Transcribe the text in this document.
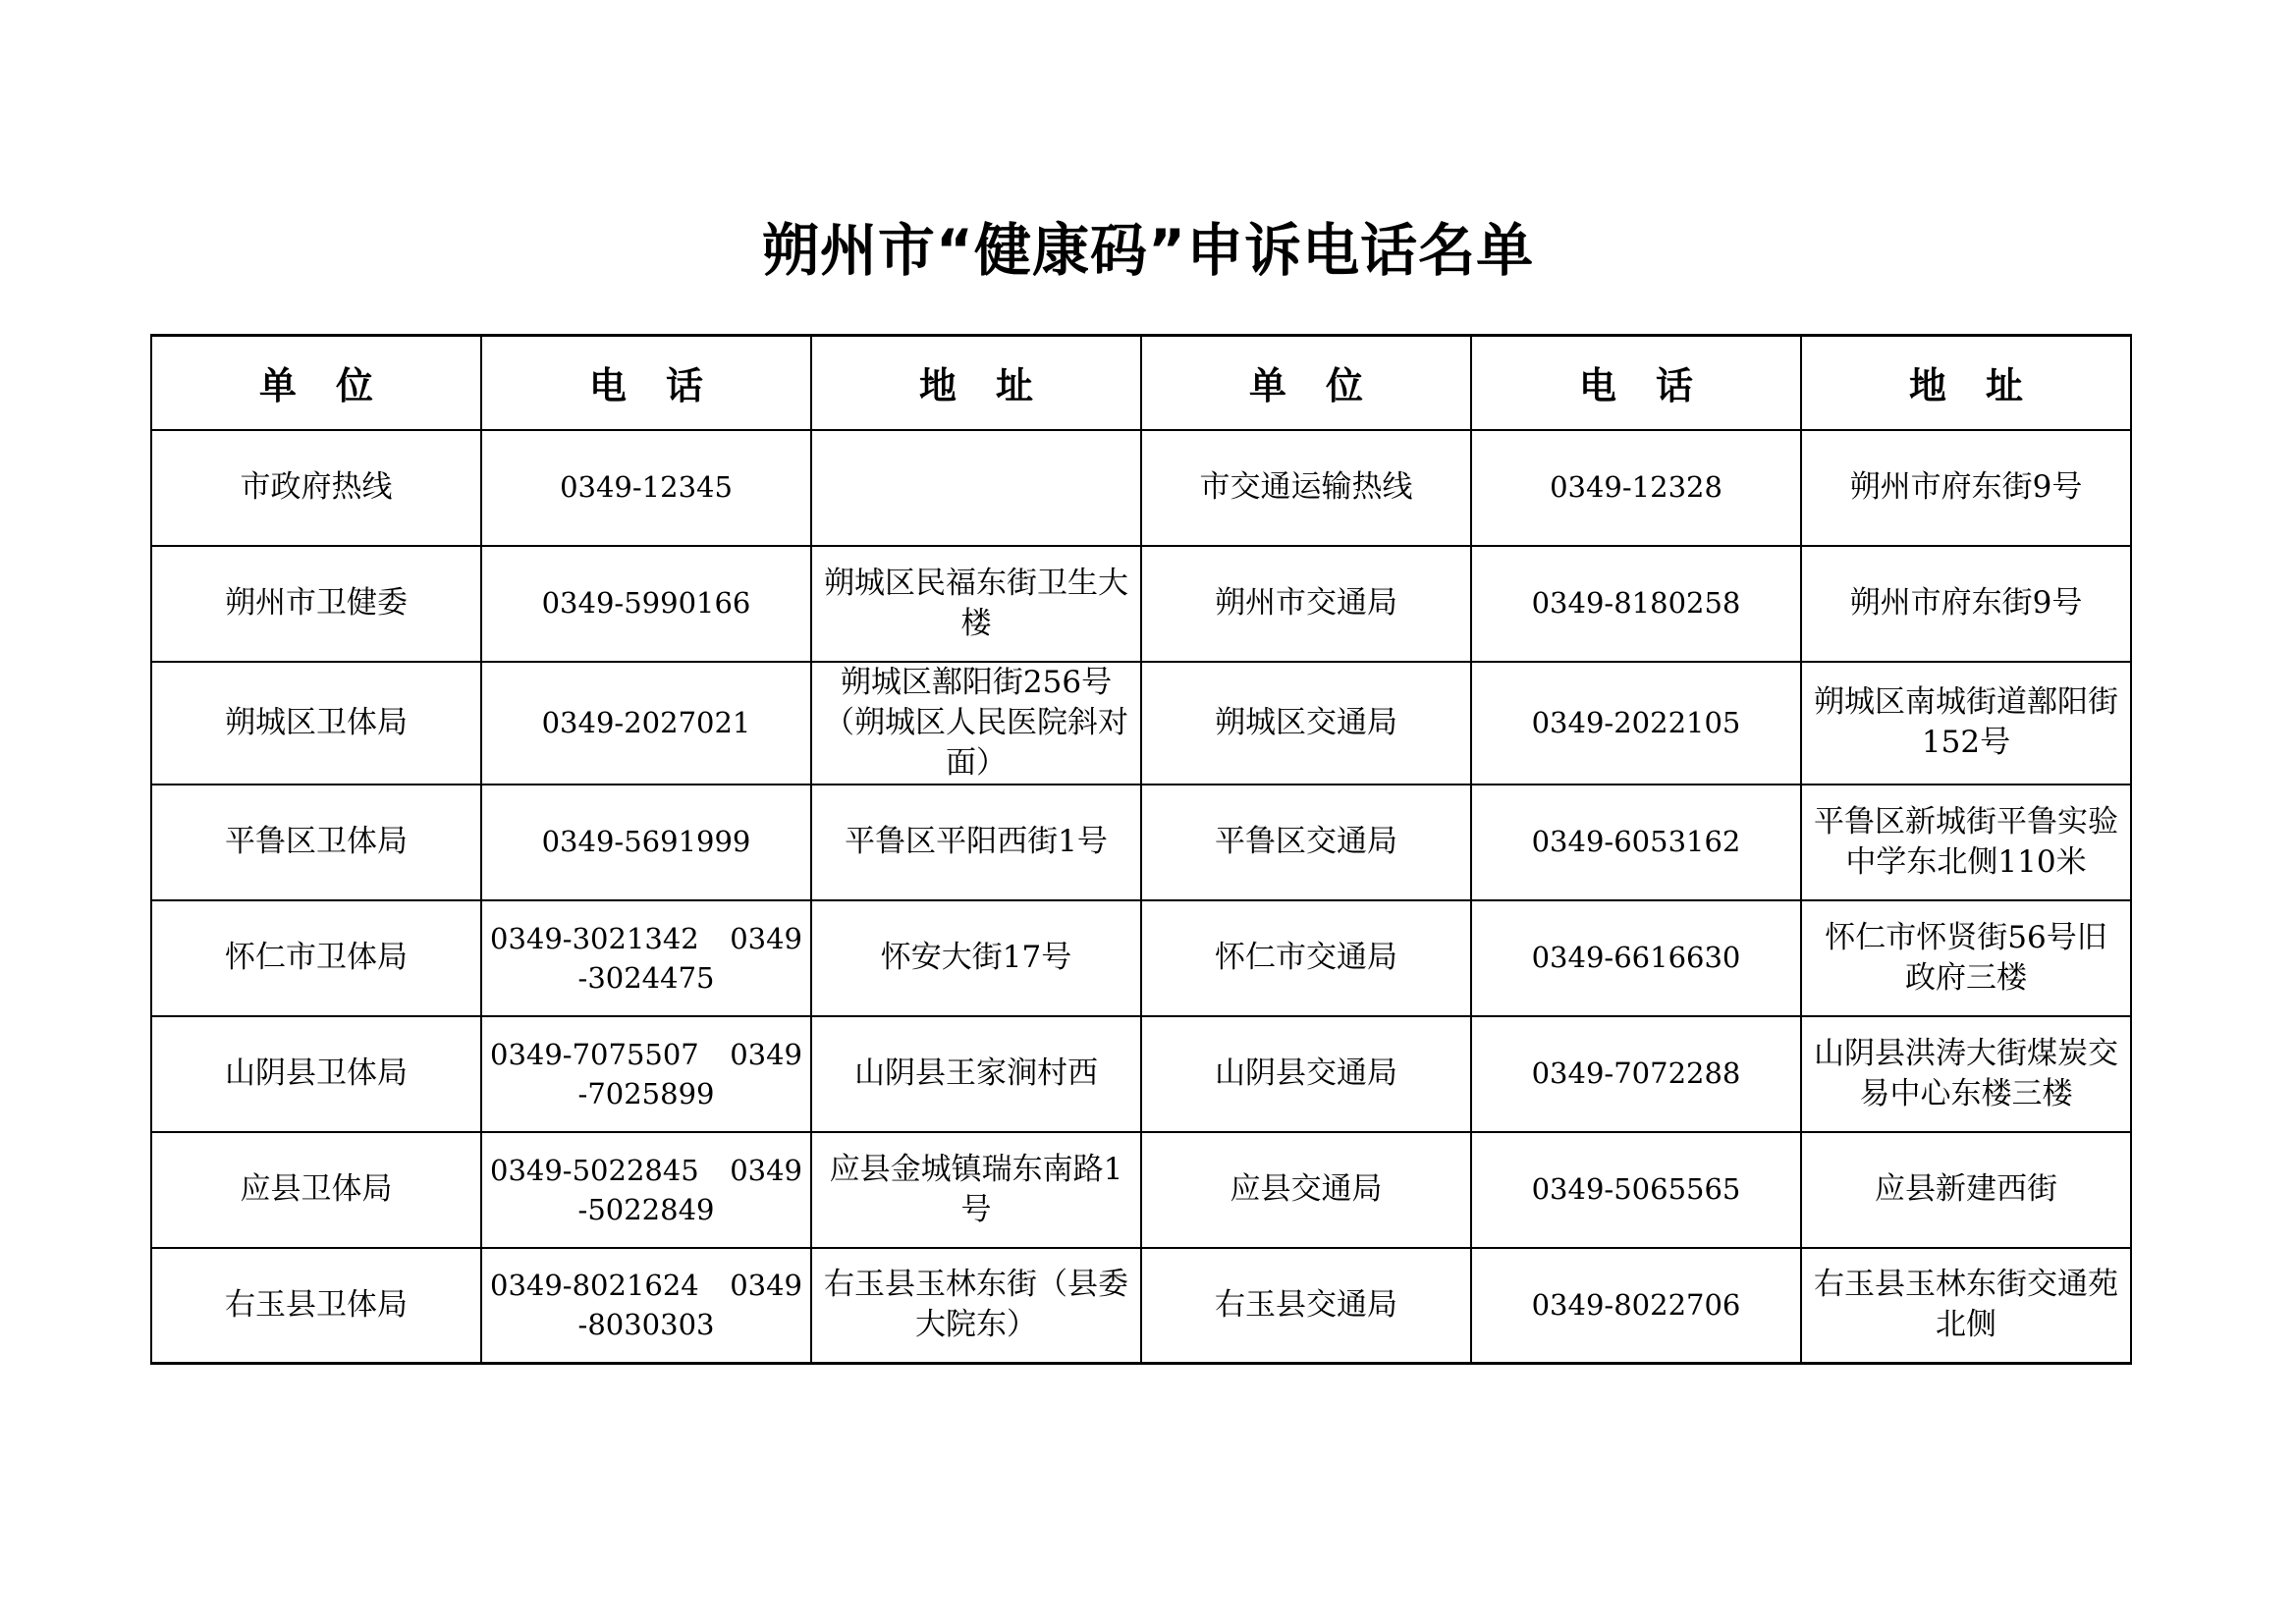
朔州市“健康码”申诉电话名单
单位	电话	地址	单位	电话	地址
市政府热线	0349-12345		市交通运输热线	0349-12328	朔州市府东街9号
朔州市卫健委	0349-5990166	朔城区民福东街卫生大楼	朔州市交通局	0349-8180258	朔州市府东街9号
朔城区卫体局	0349-2027021	朔城区鄯阳街256号（朔城区人民医院斜对面）	朔城区交通局	0349-2022105	朔城区南城街道鄯阳街152号
平鲁区卫体局	0349-5691999	平鲁区平阳西街1号	平鲁区交通局	0349-6053162	平鲁区新城街平鲁实验中学东北侧110米
怀仁市卫体局	0349-3021342　0349-3024475	怀安大街17号	怀仁市交通局	0349-6616630	怀仁市怀贤街56号旧政府三楼
山阴县卫体局	0349-7075507　0349-7025899	山阴县王家涧村西	山阴县交通局	0349-7072288	山阴县洪涛大街煤炭交易中心东楼三楼
应县卫体局	0349-5022845　0349-5022849	应县金城镇瑞东南路1号	应县交通局	0349-5065565	应县新建西街
右玉县卫体局	0349-8021624　0349-8030303	右玉县玉林东街（县委大院东）	右玉县交通局	0349-8022706	右玉县玉林东街交通苑北侧
